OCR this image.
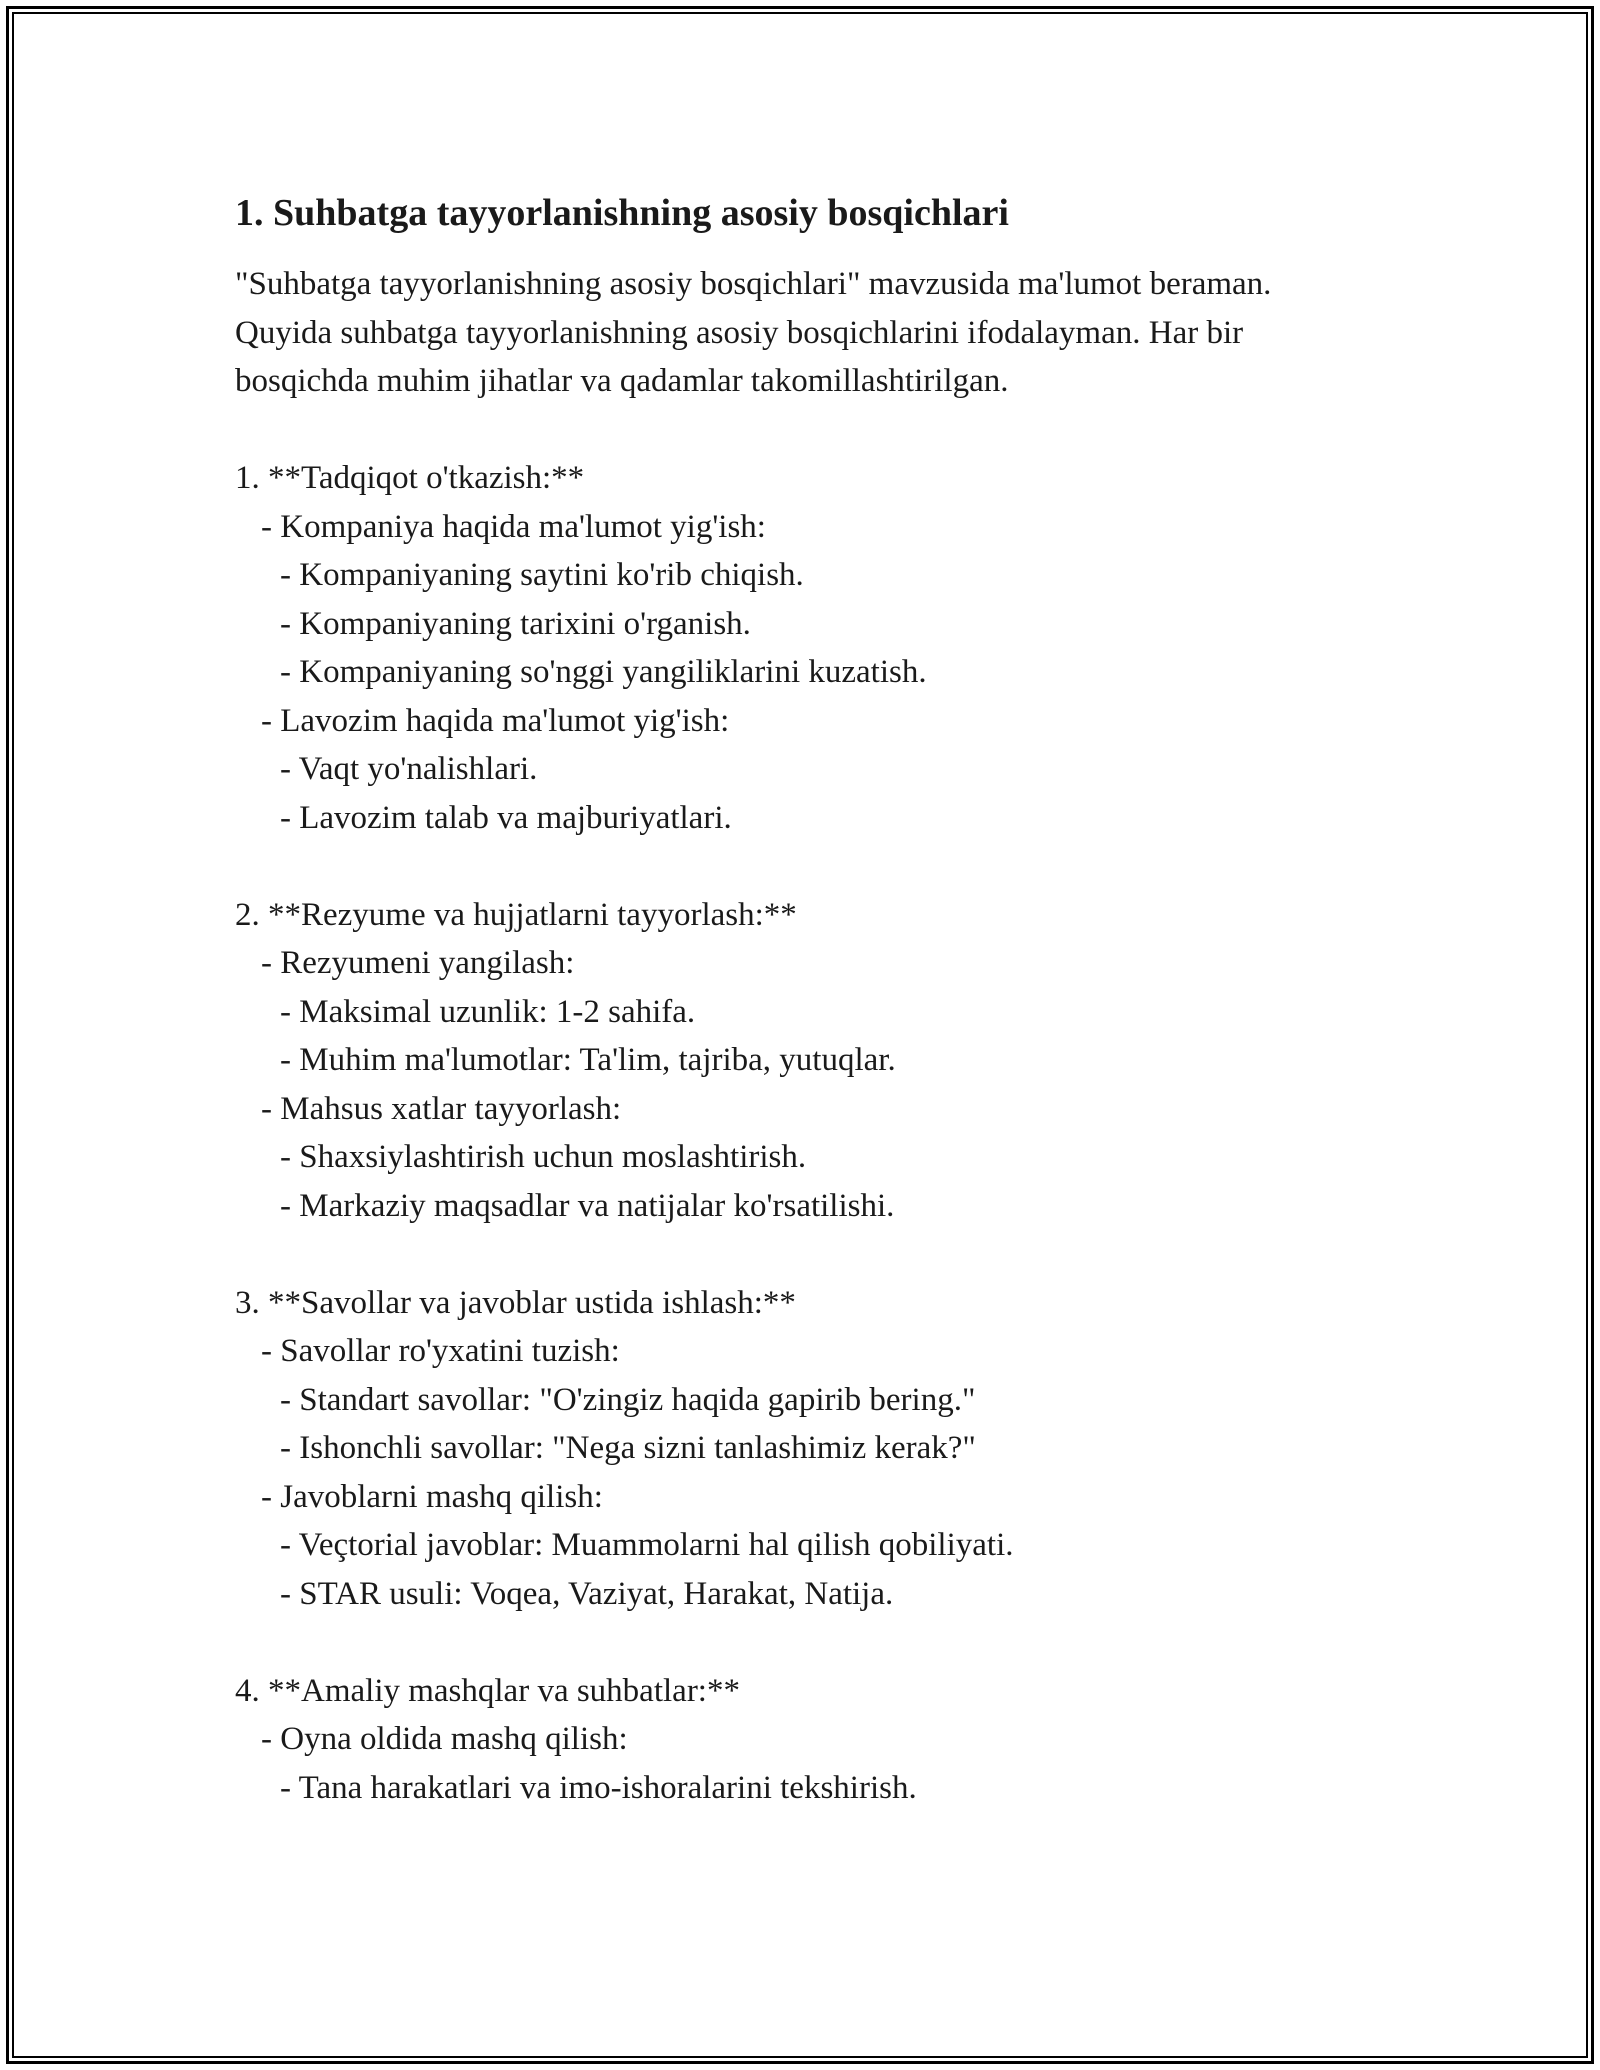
1. Suhbatga tayyorlanishning asosiy bosqichlari

"Suhbatga tayyorlanishning asosiy bosqichlari" mavzusida ma'lumot beraman. Quyida suhbatga tayyorlanishning asosiy bosqichlarini ifodalayman. Har bir bosqichda muhim jihatlar va qadamlar takomillashtirilgan.

1. **Tadqiqot o'tkazish:**
- Kompaniya haqida ma'lumot yig'ish:
- Kompaniyaning saytini ko'rib chiqish.
- Kompaniyaning tarixini o'rganish.
- Kompaniyaning so'nggi yangiliklarini kuzatish.
- Lavozim haqida ma'lumot yig'ish:
- Vaqt yo'nalishlari.
- Lavozim talab va majburiyatlari.
2. **Rezyume va hujjatlarni tayyorlash:**
- Rezyumeni yangilash:
- Maksimal uzunlik: 1-2 sahifa.
- Muhim ma'lumotlar: Ta'lim, tajriba, yutuqlar.
- Mahsus xatlar tayyorlash:
- Shaxsiylashtirish uchun moslashtirish.
- Markaziy maqsadlar va natijalar ko'rsatilishi.
3. **Savollar va javoblar ustida ishlash:**
- Savollar ro'yxatini tuzish:
- Standart savollar: "O'zingiz haqida gapirib bering."
- Ishonchli savollar: "Nega sizni tanlashimiz kerak?"
- Javoblarni mashq qilish:
- Veçtorial javoblar: Muammolarni hal qilish qobiliyati.
- STAR usuli: Voqea, Vaziyat, Harakat, Natija.
4. **Amaliy mashqlar va suhbatlar:**
- Oyna oldida mashq qilish:
- Tana harakatlari va imo-ishoralarini tekshirish.
